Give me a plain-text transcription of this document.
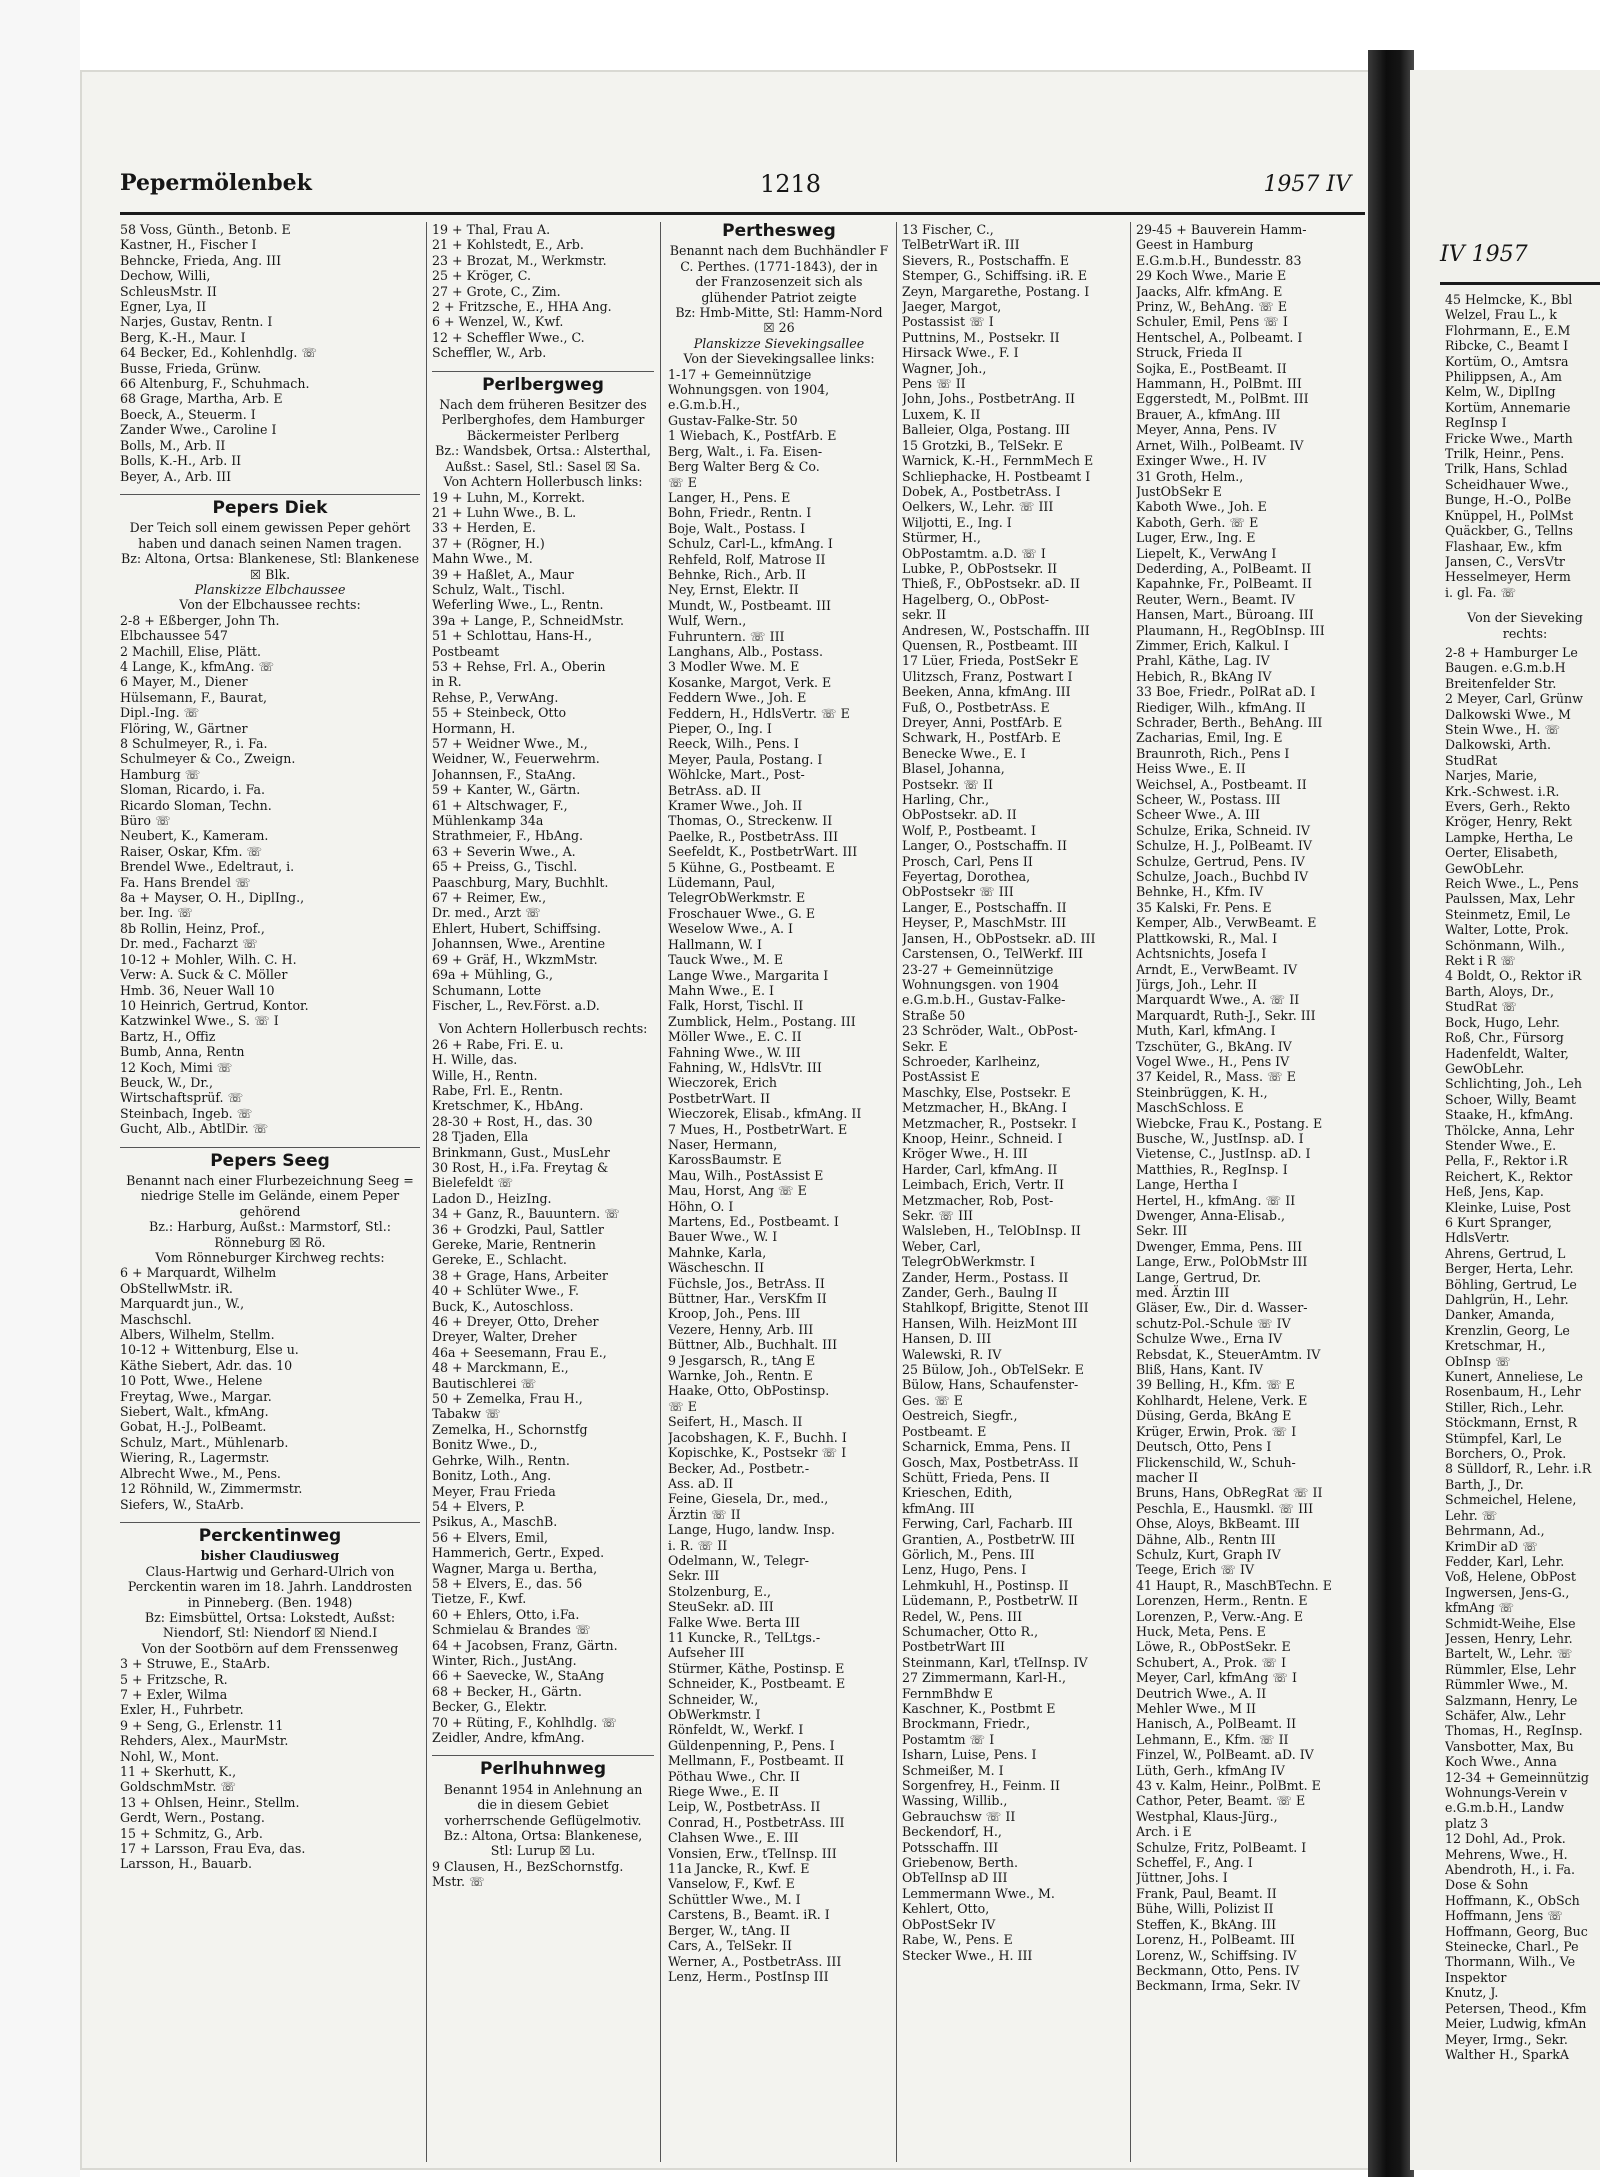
IV 1957
45 Helmcke, K., Bbl
Welzel, Frau L., k
Flohrmann, E., E.M
Ribcke, C., Beamt I
Kortüm, O., Amtsra
Philippsen, A., Am
Kelm, W., DiplIng
Kortüm, Annemarie
RegInsp I
Fricke Wwe., Marth
Trilk, Heinr., Pens.
Trilk, Hans, Schlad
Scheidhauer Wwe.,
Bunge, H.-O., PolBe
Knüppel, H., PolMst
Quäckber, G., Tellns
Flashaar, Ew., kfm
Jansen, C., VersVtr
Hesselmeyer, Herm
i. gl. Fa. ☏
Von der Sieveking rechts:
2-8 + Hamburger Le
Baugen. e.G.m.b.H
Breitenfelder Str.
2 Meyer, Carl, Grünw
Dalkowski Wwe., M
Stein Wwe., H. ☏
Dalkowski, Arth.
StudRat
Narjes, Marie,
Krk.-Schwest. i.R.
Evers, Gerh., Rekto
Kröger, Henry, Rekt
Lampke, Hertha, Le
Oerter, Elisabeth,
GewObLehr.
Reich Wwe., L., Pens
Paulssen, Max, Lehr
Steinmetz, Emil, Le
Walter, Lotte, Prok.
Schönmann, Wilh.,
Rekt i R ☏
4 Boldt, O., Rektor iR
Barth, Aloys, Dr.,
StudRat ☏
Bock, Hugo, Lehr.
Roß, Chr., Fürsorg
Hadenfeldt, Walter,
GewObLehr.
Schlichting, Joh., Leh
Schoer, Willy, Beamt
Staake, H., kfmAng.
Thölcke, Anna, Lehr
Stender Wwe., E.
Pella, F., Rektor i.R
Reichert, K., Rektor
Heß, Jens, Kap.
Kleinke, Luise, Post
6 Kurt Spranger,
HdlsVertr.
Ahrens, Gertrud, L
Berger, Herta, Lehr.
Böhling, Gertrud, Le
Dahlgrün, H., Lehr.
Danker, Amanda,
Krenzlin, Georg, Le
Kretschmar, H.,
ObInsp ☏
Kunert, Anneliese, Le
Rosenbaum, H., Lehr
Stiller, Rich., Lehr.
Stöckmann, Ernst, R
Stümpfel, Karl, Le
Borchers, O., Prok.
8 Sülldorf, R., Lehr. i.R
Barth, J., Dr.
Schmeichel, Helene,
Lehr. ☏
Behrmann, Ad.,
KrimDir aD ☏
Fedder, Karl, Lehr.
Voß, Helene, ObPost
Ingwersen, Jens-G.,
kfmAng ☏
Schmidt-Weihe, Else
Jessen, Henry, Lehr.
Bartelt, W., Lehr. ☏
Rümmler, Else, Lehr
Rümmler Wwe., M.
Salzmann, Henry, Le
Schäfer, Alw., Lehr
Thomas, H., RegInsp.
Vansbotter, Max, Bu
Koch Wwe., Anna
12-34 + Gemeinnützig
Wohnungs-Verein v
e.G.m.b.H., Landw
platz 3
12 Dohl, Ad., Prok.
Mehrens, Wwe., H.
Abendroth, H., i. Fa.
Dose & Sohn
Hoffmann, K., ObSch
Hoffmann, Jens ☏
Hoffmann, Georg, Buc
Steinecke, Charl., Pe
Thormann, Wilh., Ve
Inspektor
Knutz, J.
Petersen, Theod., Kfm
Meier, Ludwig, kfmAn
Meyer, Irmg., Sekr.
Walther H., SparkA
Pepermölenbek	1218	1957 IV
58 Voss, Günth., Betonb. E
Kastner, H., Fischer I
Behncke, Frieda, Ang. III
Dechow, Willi,
SchleusMstr. II
Egner, Lya, II
Narjes, Gustav, Rentn. I
Berg, K.-H., Maur. I
64 Becker, Ed., Kohlenhdlg. ☏
Busse, Frieda, Grünw.
66 Altenburg, F., Schuhmach.
68 Grage, Martha, Arb. E
Boeck, A., Steuerm. I
Zander Wwe., Caroline I
Bolls, M., Arb. II
Bolls, K.-H., Arb. II
Beyer, A., Arb. III
Pepers Diek
Der Teich soll einem gewissen Peper gehört haben und danach seinen Namen tragen.
Bz: Altona, Ortsa: Blankenese, Stl: Blankenese ☒ Blk.
Planskizze Elbchaussee
Von der Elbchaussee rechts:
2-8 + Eßberger, John Th.
Elbchaussee 547
2 Machill, Elise, Plätt.
4 Lange, K., kfmAng. ☏
6 Mayer, M., Diener
Hülsemann, F., Baurat,
Dipl.-Ing. ☏
Flöring, W., Gärtner
8 Schulmeyer, R., i. Fa.
Schulmeyer & Co., Zweign.
Hamburg ☏
Sloman, Ricardo, i. Fa.
Ricardo Sloman, Techn.
Büro ☏
Neubert, K., Kameram.
Raiser, Oskar, Kfm. ☏
Brendel Wwe., Edeltraut, i.
Fa. Hans Brendel ☏
8a + Mayser, O. H., DiplIng.,
ber. Ing. ☏
8b Rollin, Heinz, Prof.,
Dr. med., Facharzt ☏
10-12 + Mohler, Wilh. C. H.
Verw: A. Suck & C. Möller
Hmb. 36, Neuer Wall 10
10 Heinrich, Gertrud, Kontor.
Katzwinkel Wwe., S. ☏ I
Bartz, H., Offiz
Bumb, Anna, Rentn
12 Koch, Mimi ☏
Beuck, W., Dr.,
Wirtschaftsprüf. ☏
Steinbach, Ingeb. ☏
Gucht, Alb., AbtlDir. ☏
Pepers Seeg
Benannt nach einer Flurbezeichnung Seeg = niedrige Stelle im Gelände, einem Peper gehörend
Bz.: Harburg, Außst.: Marmstorf, Stl.: Rönneburg ☒ Rö.
Vom Rönneburger Kirchweg rechts:
6 + Marquardt, Wilhelm
ObStellwMstr. iR.
Marquardt jun., W.,
Maschschl.
Albers, Wilhelm, Stellm.
10-12 + Wittenburg, Else u.
Käthe Siebert, Adr. das. 10
10 Pott, Wwe., Helene
Freytag, Wwe., Margar.
Siebert, Walt., kfmAng.
Gobat, H.-J., PolBeamt.
Schulz, Mart., Mühlenarb.
Wiering, R., Lagermstr.
Albrecht Wwe., M., Pens.
12 Röhnild, W., Zimmermstr.
Siefers, W., StaArb.
Perckentinweg
bisher Claudiusweg
Claus-Hartwig und Gerhard-Ulrich von Perckentin waren im 18. Jahrh. Landdrosten in Pinneberg. (Ben. 1948)
Bz: Eimsbüttel, Ortsa: Lokstedt, Außst: Niendorf, Stl: Niendorf ☒ Niend.I
Von der Sootbörn auf dem Frenssenweg
3 + Struwe, E., StaArb.
5 + Fritzsche, R.
7 + Exler, Wilma
Exler, H., Fuhrbetr.
9 + Seng, G., Erlenstr. 11
Rehders, Alex., MaurMstr.
Nohl, W., Mont.
11 + Skerhutt, K.,
GoldschmMstr. ☏
13 + Ohlsen, Heinr., Stellm.
Gerdt, Wern., Postang.
15 + Schmitz, G., Arb.
17 + Larsson, Frau Eva, das.
Larsson, H., Bauarb.
19 + Thal, Frau A.
21 + Kohlstedt, E., Arb.
23 + Brozat, M., Werkmstr.
25 + Kröger, C.
27 + Grote, C., Zim.
2 + Fritzsche, E., HHA Ang.
6 + Wenzel, W., Kwf.
12 + Scheffler Wwe., C.
Scheffler, W., Arb.
Perlbergweg
Nach dem früheren Besitzer des Perlberghofes, dem Hamburger Bäckermeister Perlberg
Bz.: Wandsbek, Ortsa.: Alsterthal, Außst.: Sasel, Stl.: Sasel ☒ Sa.
Von Achtern Hollerbusch links:
19 + Luhn, M., Korrekt.
21 + Luhn Wwe., B. L.
33 + Herden, E.
37 + (Rögner, H.)
Mahn Wwe., M.
39 + Haßlet, A., Maur
Schulz, Walt., Tischl.
Weferling Wwe., L., Rentn.
39a + Lange, P., SchneidMstr.
51 + Schlottau, Hans-H.,
Postbeamt
53 + Rehse, Frl. A., Oberin
in R.
Rehse, P., VerwAng.
55 + Steinbeck, Otto
Hormann, H.
57 + Weidner Wwe., M.,
Weidner, W., Feuerwehrm.
Johannsen, F., StaAng.
59 + Kanter, W., Gärtn.
61 + Altschwager, F.,
Mühlenkamp 34a
Strathmeier, F., HbAng.
63 + Severin Wwe., A.
65 + Preiss, G., Tischl.
Paaschburg, Mary, Buchhlt.
67 + Reimer, Ew.,
Dr. med., Arzt ☏
Ehlert, Hubert, Schiffsing.
Johannsen, Wwe., Arentine
69 + Gräf, H., WkzmMstr.
69a + Mühling, G.,
Schumann, Lotte
Fischer, L., Rev.Först. a.D.
Von Achtern Hollerbusch rechts:
26 + Rabe, Fri. E. u.
H. Wille, das.
Wille, H., Rentn.
Rabe, Frl. E., Rentn.
Kretschmer, K., HbAng.
28-30 + Rost, H., das. 30
28 Tjaden, Ella
Brinkmann, Gust., MusLehr
30 Rost, H., i.Fa. Freytag &
Bielefeldt ☏
Ladon D., HeizIng.
34 + Ganz, R., Bauuntern. ☏
36 + Grodzki, Paul, Sattler
Gereke, Marie, Rentnerin
Gereke, E., Schlacht.
38 + Grage, Hans, Arbeiter
40 + Schlüter Wwe., F.
Buck, K., Autoschloss.
46 + Dreyer, Otto, Dreher
Dreyer, Walter, Dreher
46a + Seesemann, Frau E.,
48 + Marckmann, E.,
Bautischlerei ☏
50 + Zemelka, Frau H.,
Tabakw ☏
Zemelka, H., Schornstfg
Bonitz Wwe., D.,
Gehrke, Wilh., Rentn.
Bonitz, Loth., Ang.
Meyer, Frau Frieda
54 + Elvers, P.
Psikus, A., MaschB.
56 + Elvers, Emil,
Hammerich, Gertr., Exped.
Wagner, Marga u. Bertha,
58 + Elvers, E., das. 56
Tietze, F., Kwf.
60 + Ehlers, Otto, i.Fa.
Schmielau & Brandes ☏
64 + Jacobsen, Franz, Gärtn.
Winter, Rich., JustAng.
66 + Saevecke, W., StaAng
68 + Becker, H., Gärtn.
Becker, G., Elektr.
70 + Rüting, F., Kohlhdlg. ☏
Zeidler, Andre, kfmAng.
Perlhuhnweg
Benannt 1954 in Anlehnung an die in diesem Gebiet vorherrschende Geflügelmotiv.
Bz.: Altona, Ortsa: Blankenese, Stl: Lurup ☒ Lu.
9 Clausen, H., BezSchornstfg.
Mstr. ☏
Perthesweg
Benannt nach dem Buchhändler F C. Perthes. (1771-1843), der in der Franzosenzeit sich als glühender Patriot zeigte
Bz: Hmb-Mitte, Stl: Hamm-Nord ☒ 26
Planskizze Sievekingsallee
Von der Sievekingsallee links:
1-17 + Gemeinnützige
Wohnungsgen. von 1904,
e.G.m.b.H.,
Gustav-Falke-Str. 50
1 Wiebach, K., PostfArb. E
Berg, Walt., i. Fa. Eisen-
Berg Walter Berg & Co.
☏ E
Langer, H., Pens. E
Bohn, Friedr., Rentn. I
Boje, Walt., Postass. I
Schulz, Carl-L., kfmAng. I
Rehfeld, Rolf, Matrose II
Behnke, Rich., Arb. II
Ney, Ernst, Elektr. II
Mundt, W., Postbeamt. III
Wulf, Wern.,
Fuhruntern. ☏ III
Langhans, Alb., Postass.
3 Modler Wwe. M. E
Kosanke, Margot, Verk. E
Feddern Wwe., Joh. E
Feddern, H., HdlsVertr. ☏ E
Pieper, O., Ing. I
Reeck, Wilh., Pens. I
Meyer, Paula, Postang. I
Wöhlcke, Mart., Post-
BetrAss. aD. II
Kramer Wwe., Joh. II
Thomas, O., Streckenw. II
Paelke, R., PostbetrAss. III
Seefeldt, K., PostbetrWart. III
5 Kühne, G., Postbeamt. E
Lüdemann, Paul,
TelegrObWerkmstr. E
Froschauer Wwe., G. E
Weselow Wwe., A. I
Hallmann, W. I
Tauck Wwe., M. E
Lange Wwe., Margarita I
Mahn Wwe., E. I
Falk, Horst, Tischl. II
Zumblick, Helm., Postang. III
Möller Wwe., E. C. II
Fahning Wwe., W. III
Fahning, W., HdlsVtr. III
Wieczorek, Erich
PostbetrWart. II
Wieczorek, Elisab., kfmAng. II
7 Mues, H., PostbetrWart. E
Naser, Hermann,
KarossBaumstr. E
Mau, Wilh., PostAssist E
Mau, Horst, Ang ☏ E
Höhn, O. I
Martens, Ed., Postbeamt. I
Bauer Wwe., W. I
Mahnke, Karla,
Wäscheschn. II
Füchsle, Jos., BetrAss. II
Büttner, Har., VersKfm II
Kroop, Joh., Pens. III
Vezere, Henny, Arb. III
Büttner, Alb., Buchhalt. III
9 Jesgarsch, R., tAng E
Warnke, Joh., Rentn. E
Haake, Otto, ObPostinsp.
☏ E
Seifert, H., Masch. II
Jacobshagen, K. F., Buchh. I
Kopischke, K., Postsekr ☏ I
Becker, Ad., Postbetr.-
Ass. aD. II
Feine, Giesela, Dr., med.,
Ärztin ☏ II
Lange, Hugo, landw. Insp.
i. R. ☏ II
Odelmann, W., Telegr-
Sekr. III
Stolzenburg, E.,
SteuSekr. aD. III
Falke Wwe. Berta III
11 Kuncke, R., TelLtgs.-
Aufseher III
Stürmer, Käthe, Postinsp. E
Schneider, K., Postbeamt. E
Schneider, W.,
ObWerkmstr. I
Rönfeldt, W., Werkf. I
Güldenpenning, P., Pens. I
Mellmann, F., Postbeamt. II
Pöthau Wwe., Chr. II
Riege Wwe., E. II
Leip, W., PostbetrAss. II
Conrad, H., PostbetrAss. III
Clahsen Wwe., E. III
Vonsien, Erw., tTelInsp. III
11a Jancke, R., Kwf. E
Vanselow, F., Kwf. E
Schüttler Wwe., M. I
Carstens, B., Beamt. iR. I
Berger, W., tAng. II
Cars, A., TelSekr. II
Werner, A., PostbetrAss. III
Lenz, Herm., PostInsp III
13 Fischer, C.,
TelBetrWart iR. III
Sievers, R., Postschaffn. E
Stemper, G., Schiffsing. iR. E
Zeyn, Margarethe, Postang. I
Jaeger, Margot,
Postassist ☏ I
Puttnins, M., Postsekr. II
Hirsack Wwe., F. I
Wagner, Joh.,
Pens ☏ II
John, Johs., PostbetrAng. II
Luxem, K. II
Balleier, Olga, Postang. III
15 Grotzki, B., TelSekr. E
Warnick, K.-H., FernmMech E
Schliephacke, H. Postbeamt I
Dobek, A., PostbetrAss. I
Oelkers, W., Lehr. ☏ III
Wiljotti, E., Ing. I
Stürmer, H.,
ObPostamtm. a.D. ☏ I
Lubke, P., ObPostsekr. II
Thieß, F., ObPostsekr. aD. II
Hagelberg, O., ObPost-
sekr. II
Andresen, W., Postschaffn. III
Quensen, R., Postbeamt. III
17 Lüer, Frieda, PostSekr E
Ulitzsch, Franz, Postwart I
Beeken, Anna, kfmAng. III
Fuß, O., PostbetrAss. E
Dreyer, Anni, PostfArb. E
Schwark, H., PostfArb. E
Benecke Wwe., E. I
Blasel, Johanna,
Postsekr. ☏ II
Harling, Chr.,
ObPostsekr. aD. II
Wolf, P., Postbeamt. I
Langer, O., Postschaffn. II
Prosch, Carl, Pens II
Feyertag, Dorothea,
ObPostsekr ☏ III
Langer, E., Postschaffn. II
Heyser, P., MaschMstr. III
Jansen, H., ObPostsekr. aD. III
Carstensen, O., TelWerkf. III
23-27 + Gemeinnützige
Wohnungsgen. von 1904
e.G.m.b.H., Gustav-Falke-
Straße 50
23 Schröder, Walt., ObPost-
Sekr. E
Schroeder, Karlheinz,
PostAssist E
Maschky, Else, Postsekr. E
Metzmacher, H., BkAng. I
Metzmacher, R., Postsekr. I
Knoop, Heinr., Schneid. I
Kröger Wwe., H. III
Harder, Carl, kfmAng. II
Leimbach, Erich, Vertr. II
Metzmacher, Rob, Post-
Sekr. ☏ III
Walsleben, H., TelObInsp. II
Weber, Carl,
TelegrObWerkmstr. I
Zander, Herm., Postass. II
Zander, Gerh., Baulng II
Stahlkopf, Brigitte, Stenot III
Hansen, Wilh. HeizMont III
Hansen, D. III
Walewski, R. IV
25 Bülow, Joh., ObTelSekr. E
Bülow, Hans, Schaufenster-
Ges. ☏ E
Oestreich, Siegfr.,
Postbeamt. E
Scharnick, Emma, Pens. II
Gosch, Max, PostbetrAss. II
Schütt, Frieda, Pens. II
Krieschen, Edith,
kfmAng. III
Ferwing, Carl, Facharb. III
Grantien, A., PostbetrW. III
Görlich, M., Pens. III
Lenz, Hugo, Pens. I
Lehmkuhl, H., Postinsp. II
Lüdemann, P., PostbetrW. II
Redel, W., Pens. III
Schumacher, Otto R.,
PostbetrWart III
Steinmann, Karl, tTelInsp. IV
27 Zimmermann, Karl-H.,
FernmBhdw E
Kaschner, K., Postbmt E
Brockmann, Friedr.,
Postamtm ☏ I
Isharn, Luise, Pens. I
Schmeißer, M. I
Sorgenfrey, H., Feinm. II
Wassing, Willib.,
Gebrauchsw ☏ II
Beckendorf, H.,
Potsschaffn. III
Griebenow, Berth.
ObTelInsp aD III
Lemmermann Wwe., M.
Kehlert, Otto,
ObPostSekr IV
Rabe, W., Pens. E
Stecker Wwe., H. III
29-45 + Bauverein Hamm-
Geest in Hamburg
E.G.m.b.H., Bundesstr. 83
29 Koch Wwe., Marie E
Jaacks, Alfr. kfmAng. E
Prinz, W., BehAng. ☏ E
Schuler, Emil, Pens ☏ I
Hentschel, A., Polbeamt. I
Struck, Frieda II
Sojka, E., PostBeamt. II
Hammann, H., PolBmt. III
Eggerstedt, M., PolBmt. III
Brauer, A., kfmAng. III
Meyer, Anna, Pens. IV
Arnet, Wilh., PolBeamt. IV
Exinger Wwe., H. IV
31 Groth, Helm.,
JustObSekr E
Kaboth Wwe., Joh. E
Kaboth, Gerh. ☏ E
Luger, Erw., Ing. E
Liepelt, K., VerwAng I
Dederding, A., PolBeamt. II
Kapahnke, Fr., PolBeamt. II
Reuter, Wern., Beamt. IV
Hansen, Mart., Büroang. III
Plaumann, H., RegObInsp. III
Zimmer, Erich, Kalkul. I
Prahl, Käthe, Lag. IV
Hebich, R., BkAng IV
33 Boe, Friedr., PolRat aD. I
Riediger, Wilh., kfmAng. II
Schrader, Berth., BehAng. III
Zacharias, Emil, Ing. E
Braunroth, Rich., Pens I
Heiss Wwe., E. II
Weichsel, A., Postbeamt. II
Scheer, W., Postass. III
Scheer Wwe., A. III
Schulze, Erika, Schneid. IV
Schulze, H. J., PolBeamt. IV
Schulze, Gertrud, Pens. IV
Schulze, Joach., Buchbd IV
Behnke, H., Kfm. IV
35 Kalski, Fr. Pens. E
Kemper, Alb., VerwBeamt. E
Plattkowski, R., Mal. I
Achtsnichts, Josefa I
Arndt, E., VerwBeamt. IV
Jürgs, Joh., Lehr. II
Marquardt Wwe., A. ☏ II
Marquardt, Ruth-J., Sekr. III
Muth, Karl, kfmAng. I
Tzschüter, G., BkAng. IV
Vogel Wwe., H., Pens IV
37 Keidel, R., Mass. ☏ E
Steinbrüggen, K. H.,
MaschSchloss. E
Wiebcke, Frau K., Postang. E
Busche, W., JustInsp. aD. I
Vietense, C., JustInsp. aD. I
Matthies, R., RegInsp. I
Lange, Hertha I
Hertel, H., kfmAng. ☏ II
Dwenger, Anna-Elisab.,
Sekr. III
Dwenger, Emma, Pens. III
Lange, Erw., PolObMstr III
Lange, Gertrud, Dr.
med. Ärztin III
Gläser, Ew., Dir. d. Wasser-
schutz-Pol.-Schule ☏ IV
Schulze Wwe., Erna IV
Rebsdat, K., SteuerAmtm. IV
Bliß, Hans, Kant. IV
39 Belling, H., Kfm. ☏ E
Kohlhardt, Helene, Verk. E
Düsing, Gerda, BkAng E
Krüger, Erwin, Prok. ☏ I
Deutsch, Otto, Pens I
Flickenschild, W., Schuh-
macher II
Bruns, Hans, ObRegRat ☏ II
Peschla, E., Hausmkl. ☏ III
Ohse, Aloys, BkBeamt. III
Dähne, Alb., Rentn III
Schulz, Kurt, Graph IV
Teege, Erich ☏ IV
41 Haupt, R., MaschBTechn. E
Lorenzen, Herm., Rentn. E
Lorenzen, P., Verw.-Ang. E
Huck, Meta, Pens. E
Löwe, R., ObPostSekr. E
Schubert, A., Prok. ☏ I
Meyer, Carl, kfmAng ☏ I
Deutrich Wwe., A. II
Mehler Wwe., M II
Hanisch, A., PolBeamt. II
Lehmann, E., Kfm. ☏ II
Finzel, W., PolBeamt. aD. IV
Lüth, Gerh., kfmAng IV
43 v. Kalm, Heinr., PolBmt. E
Cathor, Peter, Beamt. ☏ E
Westphal, Klaus-Jürg.,
Arch. i E
Schulze, Fritz, PolBeamt. I
Scheffel, F., Ang. I
Jüttner, Johs. I
Frank, Paul, Beamt. II
Bühe, Willi, Polizist II
Steffen, K., BkAng. III
Lorenz, H., PolBeamt. III
Lorenz, W., Schiffsing. IV
Beckmann, Otto, Pens. IV
Beckmann, Irma, Sekr. IV
